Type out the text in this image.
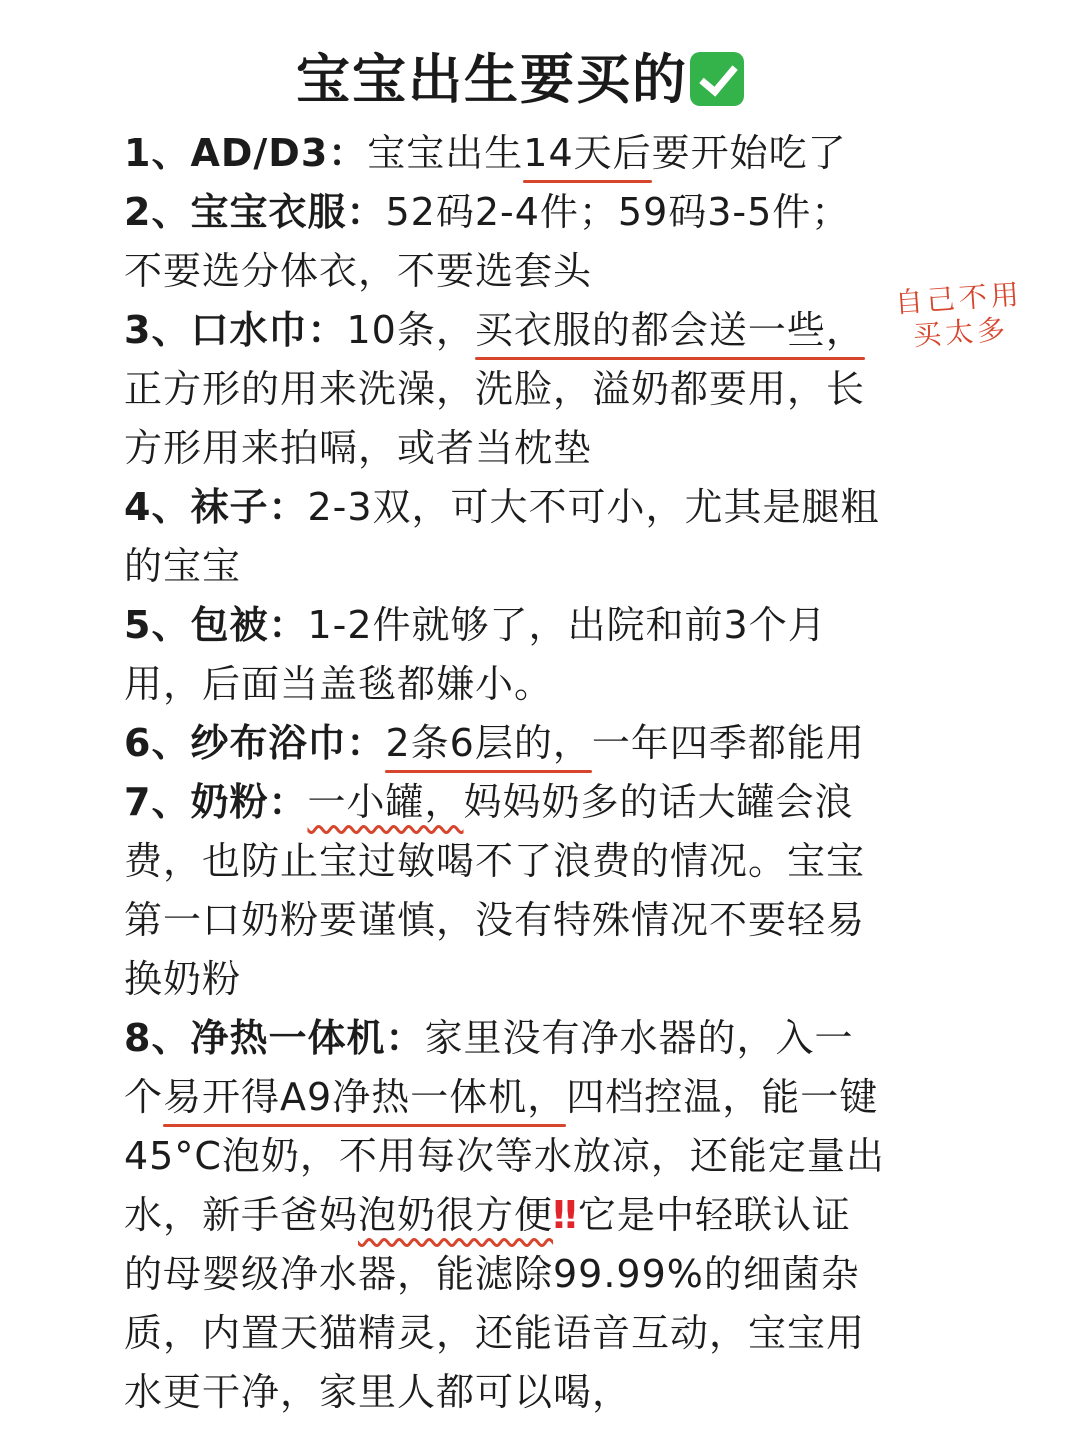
宝宝出生要买的
自己不用
买太多
1、AD/D3：宝宝出生14天后要开始吃了
2、宝宝衣服：52码2-4件；59码3-5件；
不要选分体衣，不要选套头
3、口水巾：10条，买衣服的都会送一些，
正方形的用来洗澡，洗脸，溢奶都要用，长
方形用来拍嗝，或者当枕垫
4、袜子：2-3双，可大不可小，尤其是腿粗
的宝宝
5、包被：1-2件就够了，出院和前3个月
用，后面当盖毯都嫌小。
6、纱布浴巾：2条6层的，一年四季都能用
7、奶粉：一小罐，妈妈奶多的话大罐会浪
费，也防止宝过敏喝不了浪费的情况。宝宝
第一口奶粉要谨慎，没有特殊情况不要轻易
换奶粉
8、净热一体机：家里没有净水器的，入一
个易开得A9净热一体机，四档控温，能一键
45°C泡奶，不用每次等水放凉，还能定量出
水，新手爸妈泡奶很方便‼它是中轻联认证
的母婴级净水器，能滤除99.99%的细菌杂
质，内置天猫精灵，还能语音互动，宝宝用
水更干净，家里人都可以喝，
